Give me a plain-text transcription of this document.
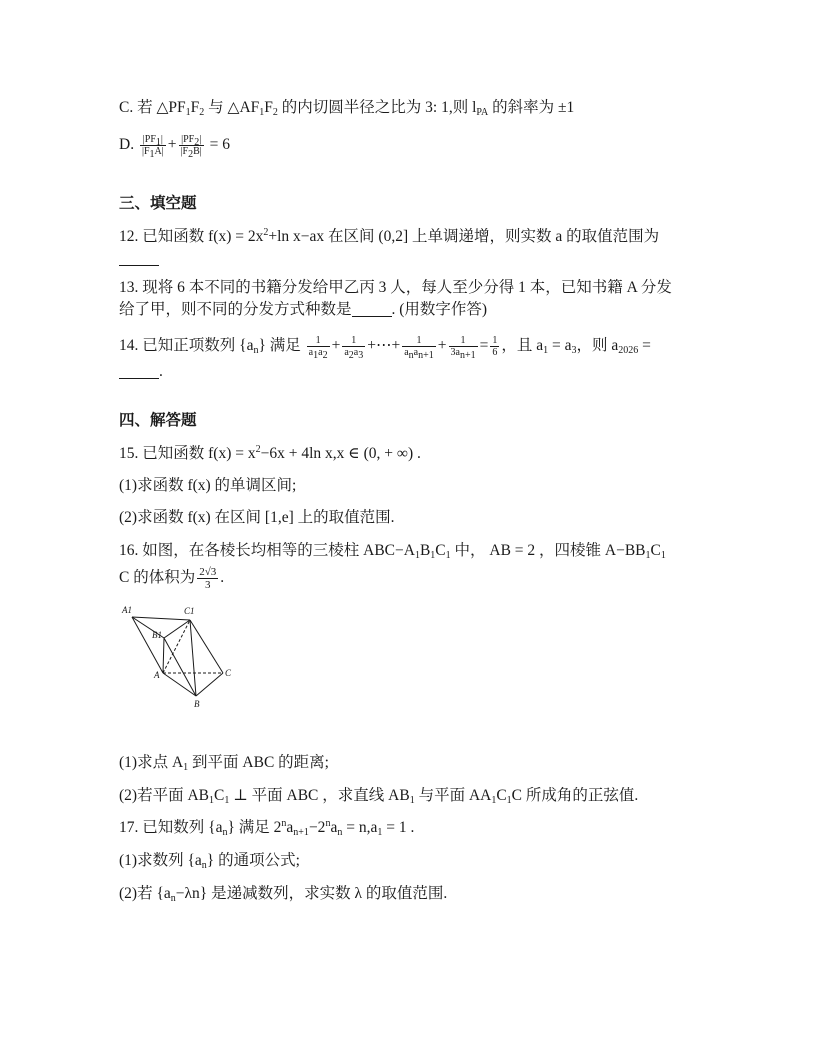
C. 若 $\triangle PF_1F_2$ 与 $\triangle AF_1F_2$ 的内切圆半径之比为 3: 1,则 $l_{PA}$ 的斜率为 ±1
D. $\frac{|PF_1|}{|F_1A|} + \frac{|PF_2|}{|F_2B|} = 6$
三、填空题
12. 已知函数 $f(x) = 2x^2+\ln$ x−ax 在区间 (0,2] 上单调递增，则实数 a 的取值范围为
13. 现将 6 本不同的书籍分发给甲乙丙 3 人，每人至少分得 1 本，已知书籍 A 分发
给了甲，则不同的分发方式种数是	. (用数字作答)
14. 已知正项数列 $\{a_n\}$ 满足 $\frac{1}{a_1a_2} + \frac{1}{a_2a_3}$ +⋯+ $\frac{1}{a_na_{n+1}} + \frac{1}{3a_{n+1}} = \frac{1}{6}$ ，且 $a_1 = a_3$，则 $a_{2026}$ =
.
四、解答题
15. 已知函数 $f(x) = x^2-6x + 4\ln$ x,x ∈ (0, + ∞) .
(1)求函数 f(x) 的单调区间;
(2)求函数 f(x) 在区间 [1,e] 上的取值范围.
16. 如图，在各棱长均相等的三棱柱 $ABC-A_1B_1C_1$ 中， AB = 2 ，四棱锥 $A-BB_1C_1$
C 的体积为 $\frac{2√3}{3}$ .
A1	C1
B1
A	C
B
(1)求点 $A_1$ 到平面 ABC 的距离;
(2)若平面 $AB_1C_1$ ⊥ 平面 ABC ，求直线 $AB_1$ 与平面 $AA_1C_1C$ 所成角的正弦值.
17. 已知数列 $\{a_n\}$ 满足 $2^na_{n+1}-2^na_n = n,a_1 = 1$ .
(1)求数列 $\{a_n\}$ 的通项公式;
(2)若 $\{a_n-\lambda n\}$ 是递减数列，求实数 λ 的取值范围.
